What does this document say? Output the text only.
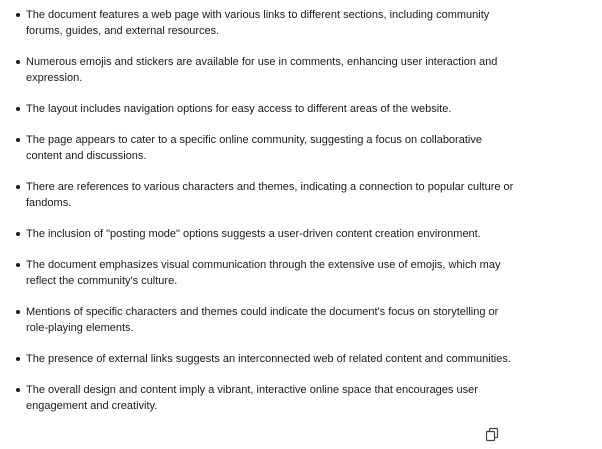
The document features a web page with various links to different sections, including community forums, guides, and external resources.
Numerous emojis and stickers are available for use in comments, enhancing user interaction and expression.
The layout includes navigation options for easy access to different areas of the website.
The page appears to cater to a specific online community, suggesting a focus on collaborative content and discussions.
There are references to various characters and themes, indicating a connection to popular culture or fandoms.
The inclusion of "posting mode" options suggests a user-driven content creation environment.
The document emphasizes visual communication through the extensive use of emojis, which may reflect the community's culture.
Mentions of specific characters and themes could indicate the document's focus on storytelling or role-playing elements.
The presence of external links suggests an interconnected web of related content and communities.
The overall design and content imply a vibrant, interactive online space that encourages user engagement and creativity.
